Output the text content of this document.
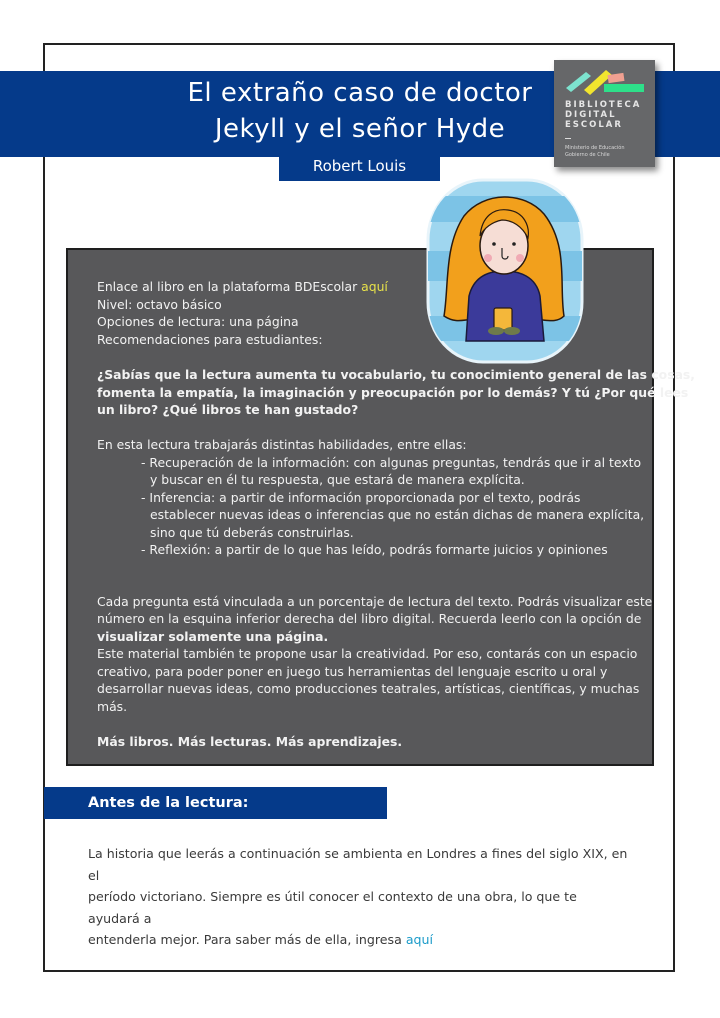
El extraño caso de doctor
Jekyll y el señor Hyde
Robert Louis
BIBLIOTECA
DIGITAL
ESCOLAR
Ministerio de Educación
Gobierno de Chile
Enlace al libro en la plataforma BDEscolar aquí
Nivel: octavo básico
Opciones de lectura: una página
Recomendaciones para estudiantes:
¿Sabías que la lectura aumenta tu vocabulario, tu conocimiento general de las cosas,
fomenta la empatía, la imaginación y preocupación por lo demás? Y tú ¿Por qué lees
un libro? ¿Qué libros te han gustado?
En esta lectura trabajarás distintas habilidades, entre ellas:
- Recuperación de la información: con algunas preguntas, tendrás que ir al texto
y buscar en él tu respuesta, que estará de manera explícita.
- Inferencia: a partir de información proporcionada por el texto, podrás
establecer nuevas ideas o inferencias que no están dichas de manera explícita,
sino que tú deberás construirlas.
- Reflexión: a partir de lo que has leído, podrás formarte juicios y opiniones
Cada pregunta está vinculada a un porcentaje de lectura del texto. Podrás visualizar este
número en la esquina inferior derecha del libro digital. Recuerda leerlo con la opción de
visualizar solamente una página.
Este material también te propone usar la creatividad. Por eso, contarás con un espacio
creativo, para poder poner en juego tus herramientas del lenguaje escrito u oral y
desarrollar nuevas ideas, como producciones teatrales, artísticas, científicas, y muchas
más.
Más libros. Más lecturas. Más aprendizajes.
Antes de la lectura:
La historia que leerás a continuación se ambienta en Londres a fines del siglo XIX, en el
período victoriano. Siempre es útil conocer el contexto de una obra, lo que te ayudará a
entenderla mejor. Para saber más de ella, ingresa aquí
